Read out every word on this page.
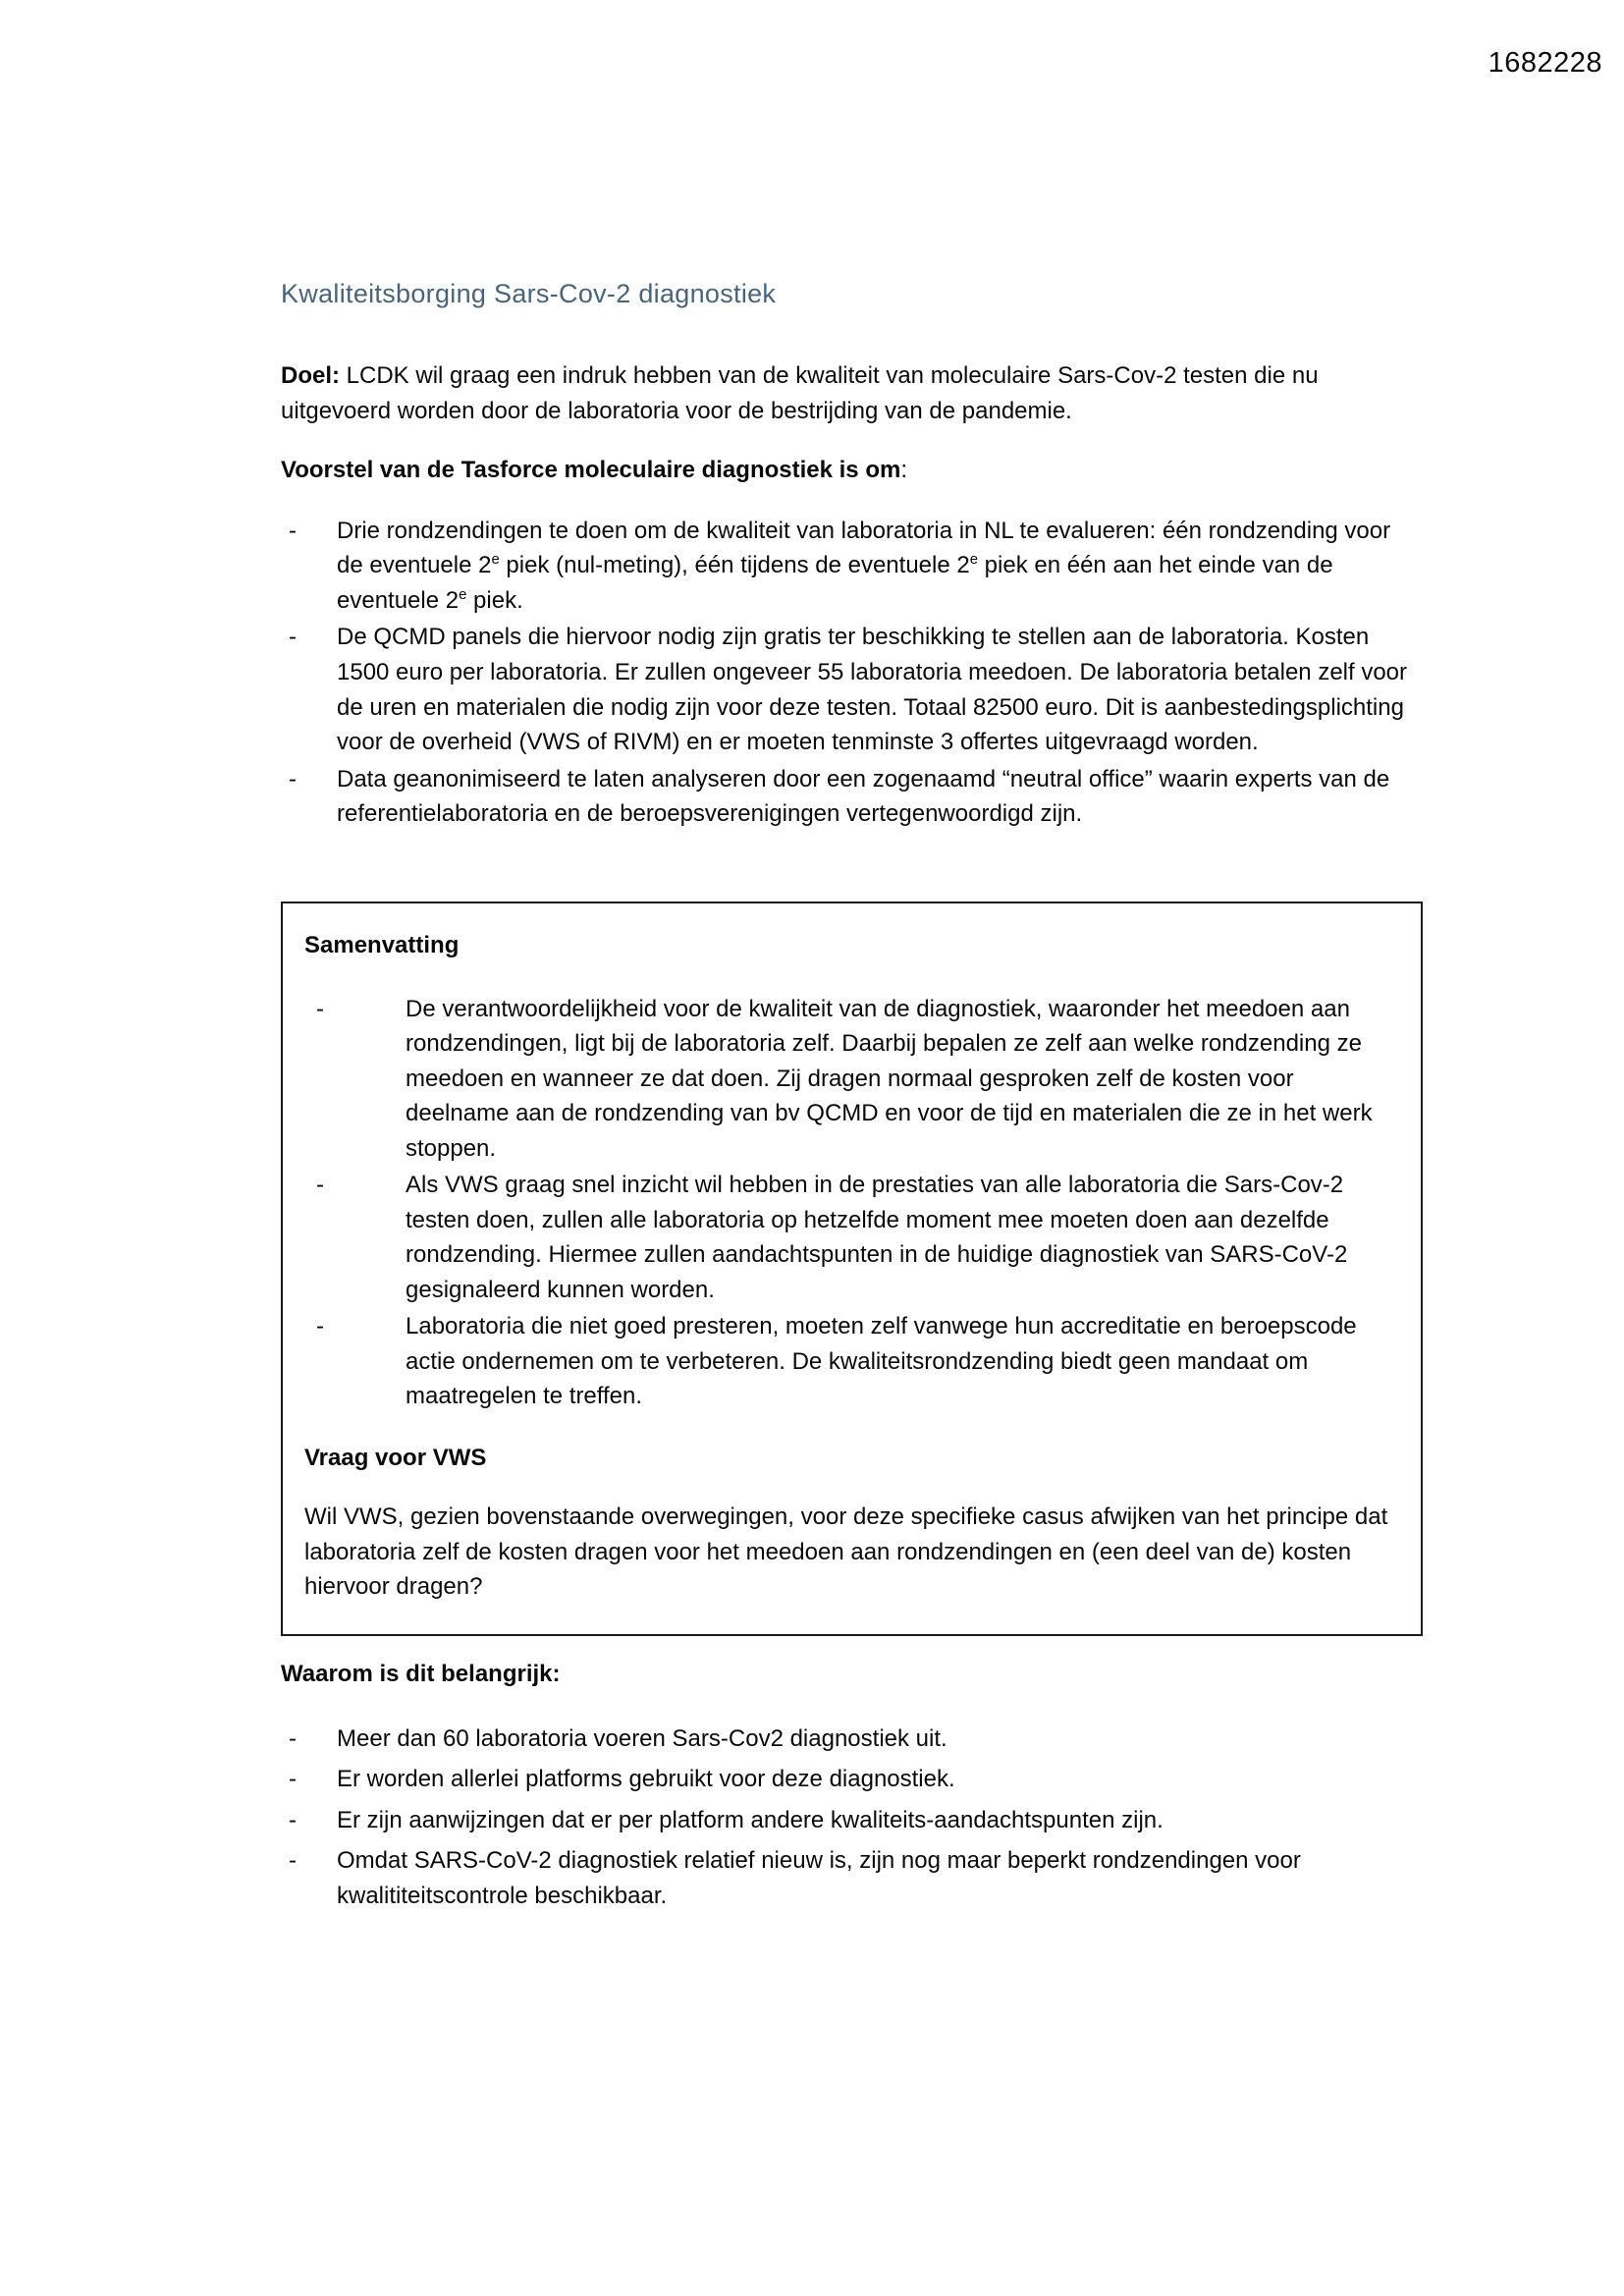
1682228
Kwaliteitsborging Sars-Cov-2 diagnostiek

Doel: LCDK wil graag een indruk hebben van de kwaliteit van moleculaire Sars-Cov-2 testen die nu uitgevoerd worden door de laboratoria voor de bestrijding van de pandemie.

Voorstel van de Tasforce moleculaire diagnostiek is om:
- Drie rondzendingen te doen om de kwaliteit van laboratoria in NL te evalueren: één rondzending voor de eventuele 2e piek (nul-meting), één tijdens de eventuele 2e piek en één aan het einde van de eventuele 2e piek.
- De QCMD panels die hiervoor nodig zijn gratis ter beschikking te stellen aan de laboratoria. Kosten 1500 euro per laboratoria. Er zullen ongeveer 55 laboratoria meedoen. De laboratoria betalen zelf voor de uren en materialen die nodig zijn voor deze testen. Totaal 82500 euro. Dit is aanbestedingsplichting voor de overheid (VWS of RIVM) en er moeten tenminste 3 offertes uitgevraagd worden.
- Data geanonimiseerd te laten analyseren door een zogenaamd “neutral office” waarin experts van de referentielaboratoria en de beroepsverenigingen vertegenwoordigd zijn.
Samenvatting
- De verantwoordelijkheid voor de kwaliteit van de diagnostiek, waaronder het meedoen aan rondzendingen, ligt bij de laboratoria zelf. Daarbij bepalen ze zelf aan welke rondzending ze meedoen en wanneer ze dat doen. Zij dragen normaal gesproken zelf de kosten voor deelname aan de rondzending van bv QCMD en voor de tijd en materialen die ze in het werk stoppen.
- Als VWS graag snel inzicht wil hebben in de prestaties van alle laboratoria die Sars-Cov-2 testen doen, zullen alle laboratoria op hetzelfde moment mee moeten doen aan dezelfde rondzending. Hiermee zullen aandachtspunten in de huidige diagnostiek van SARS-CoV-2 gesignaleerd kunnen worden.
- Laboratoria die niet goed presteren, moeten zelf vanwege hun accreditatie en beroepscode actie ondernemen om te verbeteren. De kwaliteitsrondzending biedt geen mandaat om maatregelen te treffen.
Vraag voor VWS

Wil VWS, gezien bovenstaande overwegingen, voor deze specifieke casus afwijken van het principe dat laboratoria zelf de kosten dragen voor het meedoen aan rondzendingen en (een deel van de) kosten hiervoor dragen?

Waarom is dit belangrijk:
- Meer dan 60 laboratoria voeren Sars-Cov2 diagnostiek uit.
- Er worden allerlei platforms gebruikt voor deze diagnostiek.
- Er zijn aanwijzingen dat er per platform andere kwaliteits-aandachtspunten zijn.
- Omdat SARS-CoV-2 diagnostiek relatief nieuw is, zijn nog maar beperkt rondzendingen voor kwalititeitscontrole beschikbaar.
